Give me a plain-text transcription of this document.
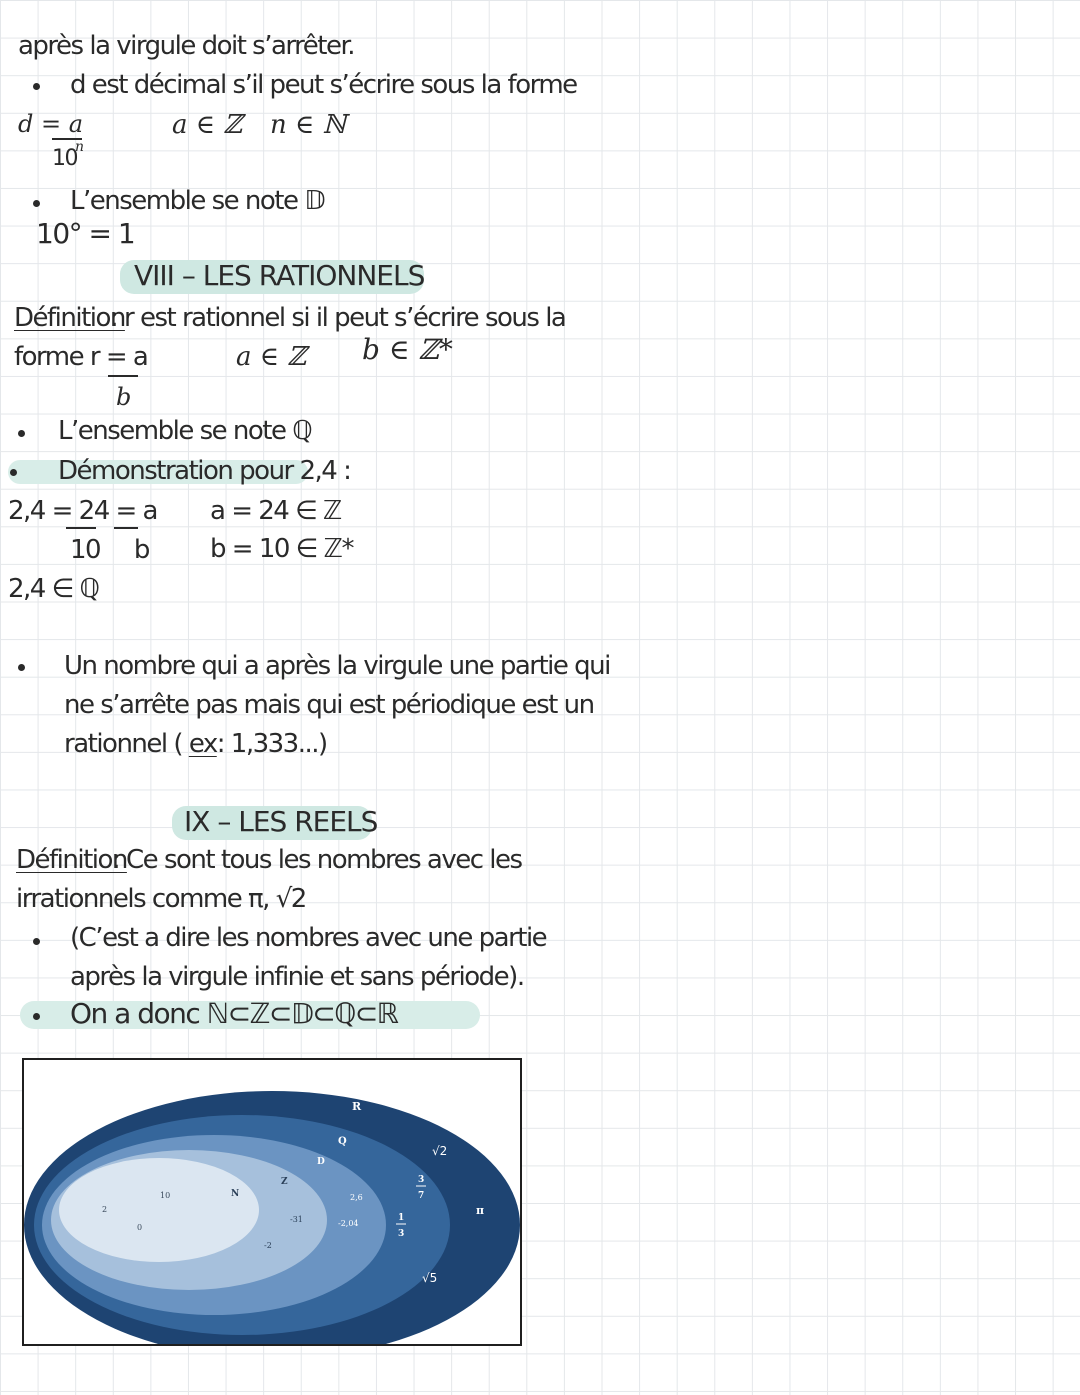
après la virgule doit s’arrêter.
d est décimal s’il peut s’écrire sous la forme
d = a
10
n
a ∈ ℤ n ∈ ℕ
L’ensemble se note 𝔻
10° = 1
VIII – LES RATIONNELS
Définition
: r est rationnel si il peut s’écrire sous la
forme r = a
b
a ∈ ℤ b ∈ ℤ*
L’ensemble se note ℚ
Démonstration pour 2,4 :
2,4 = 24 = a
10     b
a = 24 ∈ ℤ
b = 10 ∈ ℤ*
2,4 ∈ ℚ
Un nombre qui a après la virgule une partie qui
ne s’arrête pas mais qui est périodique est un
rationnel ( ex: 1,333...)
IX – LES REELS
Définition
: Ce sont tous les nombres avec les
irrationnels comme π, √2
(C’est a dire les nombres avec une partie
après la virgule infinie et sans période).
On a donc ℕ⊂ℤ⊂𝔻⊂ℚ⊂ℝ
R
Q
D
Z
N
2
0
10
-31
-2
2,6
-2,04
1
3
3
7
√2
√5
π
